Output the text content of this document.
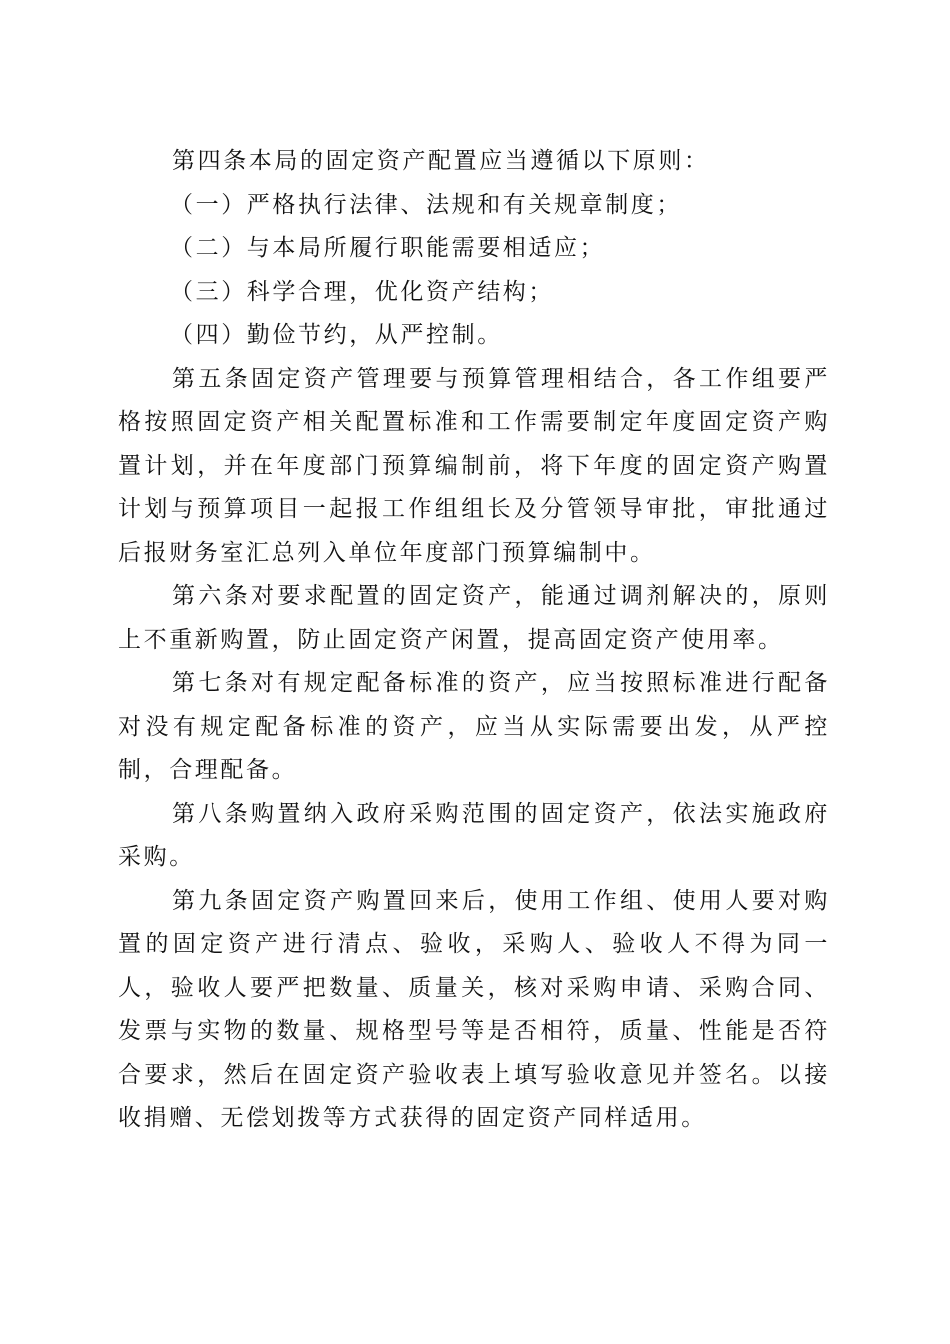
第四条本局的固定资产配置应当遵循以下原则：

（一）严格执行法律、法规和有关规章制度；

（二）与本局所履行职能需要相适应；

（三）科学合理，优化资产结构；

（四）勤俭节约，从严控制。

第五条固定资产管理要与预算管理相结合，各工作组要严格按照固定资产相关配置标准和工作需要制定年度固定资产购置计划，并在年度部门预算编制前，将下年度的固定资产购置计划与预算项目一起报工作组组长及分管领导审批，审批通过后报财务室汇总列入单位年度部门预算编制中。

第六条对要求配置的固定资产，能通过调剂解决的，原则上不重新购置，防止固定资产闲置，提高固定资产使用率。

第七条对有规定配备标准的资产，应当按照标准进行配备对没有规定配备标准的资产，应当从实际需要出发，从严控制，合理配备。

第八条购置纳入政府采购范围的固定资产，依法实施政府采购。

第九条固定资产购置回来后，使用工作组、使用人要对购置的固定资产进行清点、验收，采购人、验收人不得为同一人，验收人要严把数量、质量关，核对采购申请、采购合同、发票与实物的数量、规格型号等是否相符，质量、性能是否符合要求，然后在固定资产验收表上填写验收意见并签名。以接收捐赠、无偿划拨等方式获得的固定资产同样适用。
